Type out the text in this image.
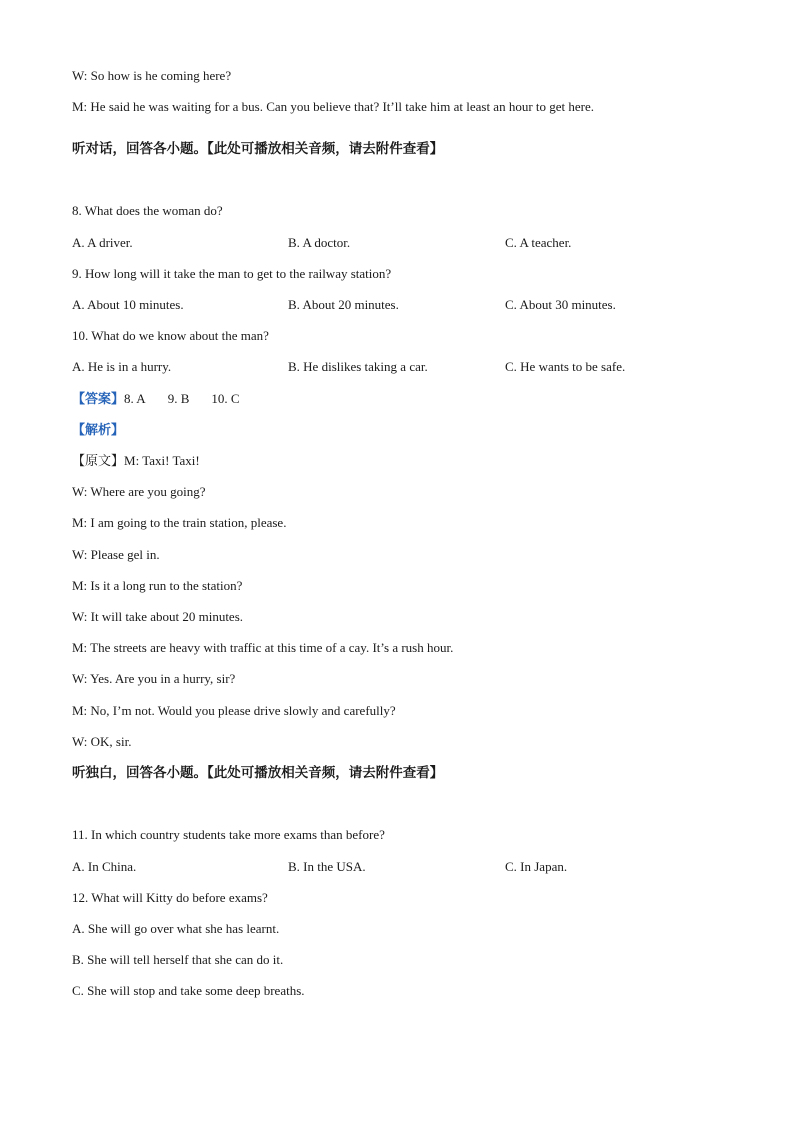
W: So how is he coming here?
M: He said he was waiting for a bus. Can you believe that? It’ll take him at least an hour to get here.
听对话，回答各小题。【此处可播放相关音频，请去附件查看】
8. What does the woman do?
A. A driver.	B. A doctor.	C. A teacher.
9. How long will it take the man to get to the railway station?
A. About 10 minutes.	B. About 20 minutes.	C. About 30 minutes.
10. What do we know about the man?
A. He is in a hurry.	B. He dislikes taking a car.	C. He wants to be safe.
【答案】8. A 9. B 10. C
【解析】
【原文】M: Taxi! Taxi!
W: Where are you going?
M: I am going to the train station, please.
W: Please gel in.
M: Is it a long run to the station?
W: It will take about 20 minutes.
M: The streets are heavy with traffic at this time of a cay. It’s a rush hour.
W: Yes. Are you in a hurry, sir?
M: No, I’m not. Would you please drive slowly and carefully?
W: OK, sir.
听独白，回答各小题。【此处可播放相关音频，请去附件查看】
11. In which country students take more exams than before?
A. In China.	B. In the USA.	C. In Japan.
12. What will Kitty do before exams?
A. She will go over what she has learnt.
B. She will tell herself that she can do it.
C. She will stop and take some deep breaths.
